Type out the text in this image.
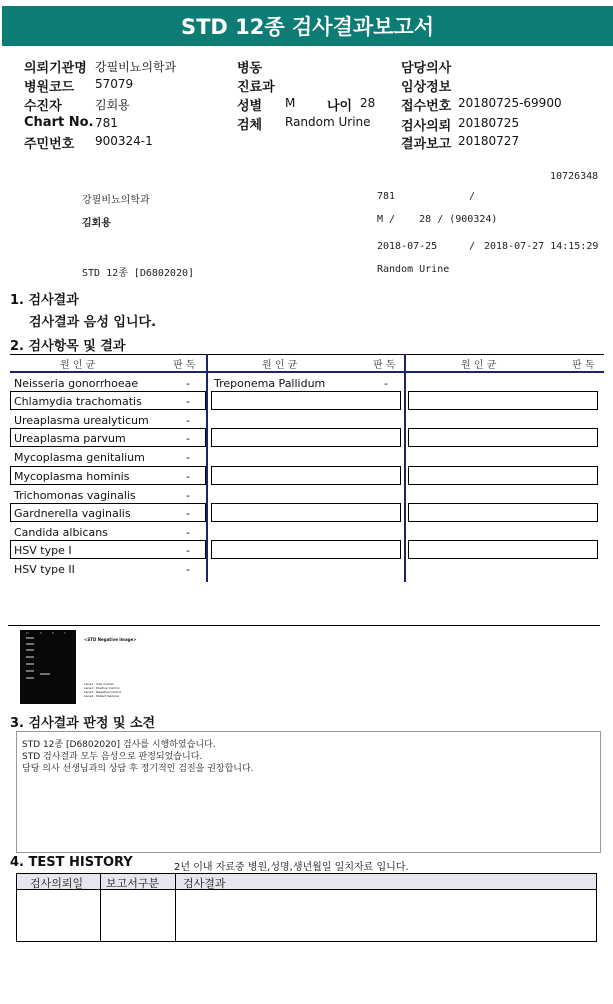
STD 12종 검사결과보고서
의뢰기관명 강필비뇨의학과
병원코드 57079
수진자	김회용
Chart No. 781
주민번호 900324-1
병동
진료과
성별 M 나이 28
검체 Random Urine
담당의사
임상정보
접수번호 20180725-69900
검사의뢰 20180725
결과보고 20180727
10726348
강필비뇨의학과	781	/
김회용	M /    28 / (900324)
2018-07-25	/ 2018-07-27 14:15:29
STD 12종 [D6802020]	Random Urine
1. 검사결과
검사결과 음성 입니다.
2. 검사항목 및 결과
원 인 균	판 독	원 인 균	판 독	원 인 균	판 독
Neisseria gonorrhoeae	-
Chlamydia trachomatis	-
Ureaplasma urealyticum	-
Ureaplasma parvum	-
Mycoplasma genitalium	-
Mycoplasma hominis	-
Trichomonas vaginalis	-
Gardnerella vaginalis	-
Candida albicans	-
HSV type I	-
HSV type II	-
Treponema Pallidum	-
M	P	N	S
<STD Negative Image>
Lane1 : Size marker
Lane2 : Positive Control
Lane3 : Negative Control
Lane4 : Patient Sample
3. 검사결과 판정 및 소견
STD 12종 [D6802020] 검사를 시행하였습니다.
STD 검사결과 모두 음성으로 판정되었습니다.
담당 의사 선생님과의 상담 후 정기적인 검진을 권장합니다.
4. TEST HISTORY	2년 이내 자료중 병원,성명,생년월일 일치자료 입니다.
검사의뢰일 보고서구분 검사결과
